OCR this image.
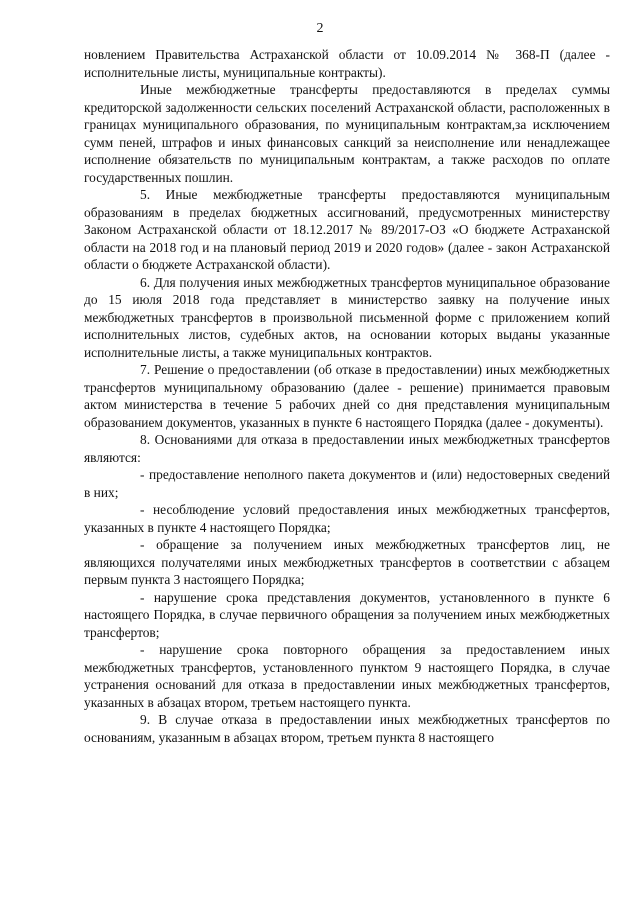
2

новлением Правительства Астраханской области от 10.09.2014 № 368-П (далее - исполнительные листы, муниципальные контракты).

Иные межбюджетные трансферты предоставляются в пределах суммы кредиторской задолженности сельских поселений Астраханской области, расположенных в границах муниципального образования, по муниципальным контрактам,за исключением сумм пеней, штрафов и иных финансовых санкций за неисполнение или ненадлежащее исполнение обязательств по муниципальным контрактам, а также расходов по оплате государственных пошлин.

5. Иные межбюджетные трансферты предоставляются муниципальным образованиям в пределах бюджетных ассигнований, предусмотренных министерству Законом Астраханской области от 18.12.2017 № 89/2017-ОЗ «О бюджете Астраханской области на 2018 год и на плановый период 2019 и 2020 годов» (далее - закон Астраханской области о бюджете Астраханской области).

6. Для получения иных межбюджетных трансфертов муниципальное образование до 15 июля 2018 года представляет в министерство заявку на получение иных межбюджетных трансфертов в произвольной письменной форме с приложением копий исполнительных листов, судебных актов, на основании которых выданы указанные исполнительные листы, а также муниципальных контрактов.

7. Решение о предоставлении (об отказе в предоставлении) иных межбюджетных трансфертов муниципальному образованию (далее - решение) принимается правовым актом министерства в течение 5 рабочих дней со дня представления муниципальным образованием документов, указанных в пункте 6 настоящего Порядка (далее - документы).

8. Основаниями для отказа в предоставлении иных межбюджетных трансфертов являются:

- предоставление неполного пакета документов и (или) недостоверных сведений в них;

- несоблюдение условий предоставления иных межбюджетных трансфертов, указанных в пункте 4 настоящего Порядка;

- обращение за получением иных межбюджетных трансфертов лиц, не являющихся получателями иных межбюджетных трансфертов в соответствии с абзацем первым пункта 3 настоящего Порядка;

- нарушение срока представления документов, установленного в пункте 6 настоящего Порядка, в случае первичного обращения за получением иных межбюджетных трансфертов;

- нарушение срока повторного обращения за предоставлением иных межбюджетных трансфертов, установленного пунктом 9 настоящего Порядка, в случае устранения оснований для отказа в предоставлении иных межбюджетных трансфертов, указанных в абзацах втором, третьем настоящего пункта.

9. В случае отказа в предоставлении иных межбюджетных трансфертов по основаниям, указанным в абзацах втором, третьем пункта 8 настоящего
